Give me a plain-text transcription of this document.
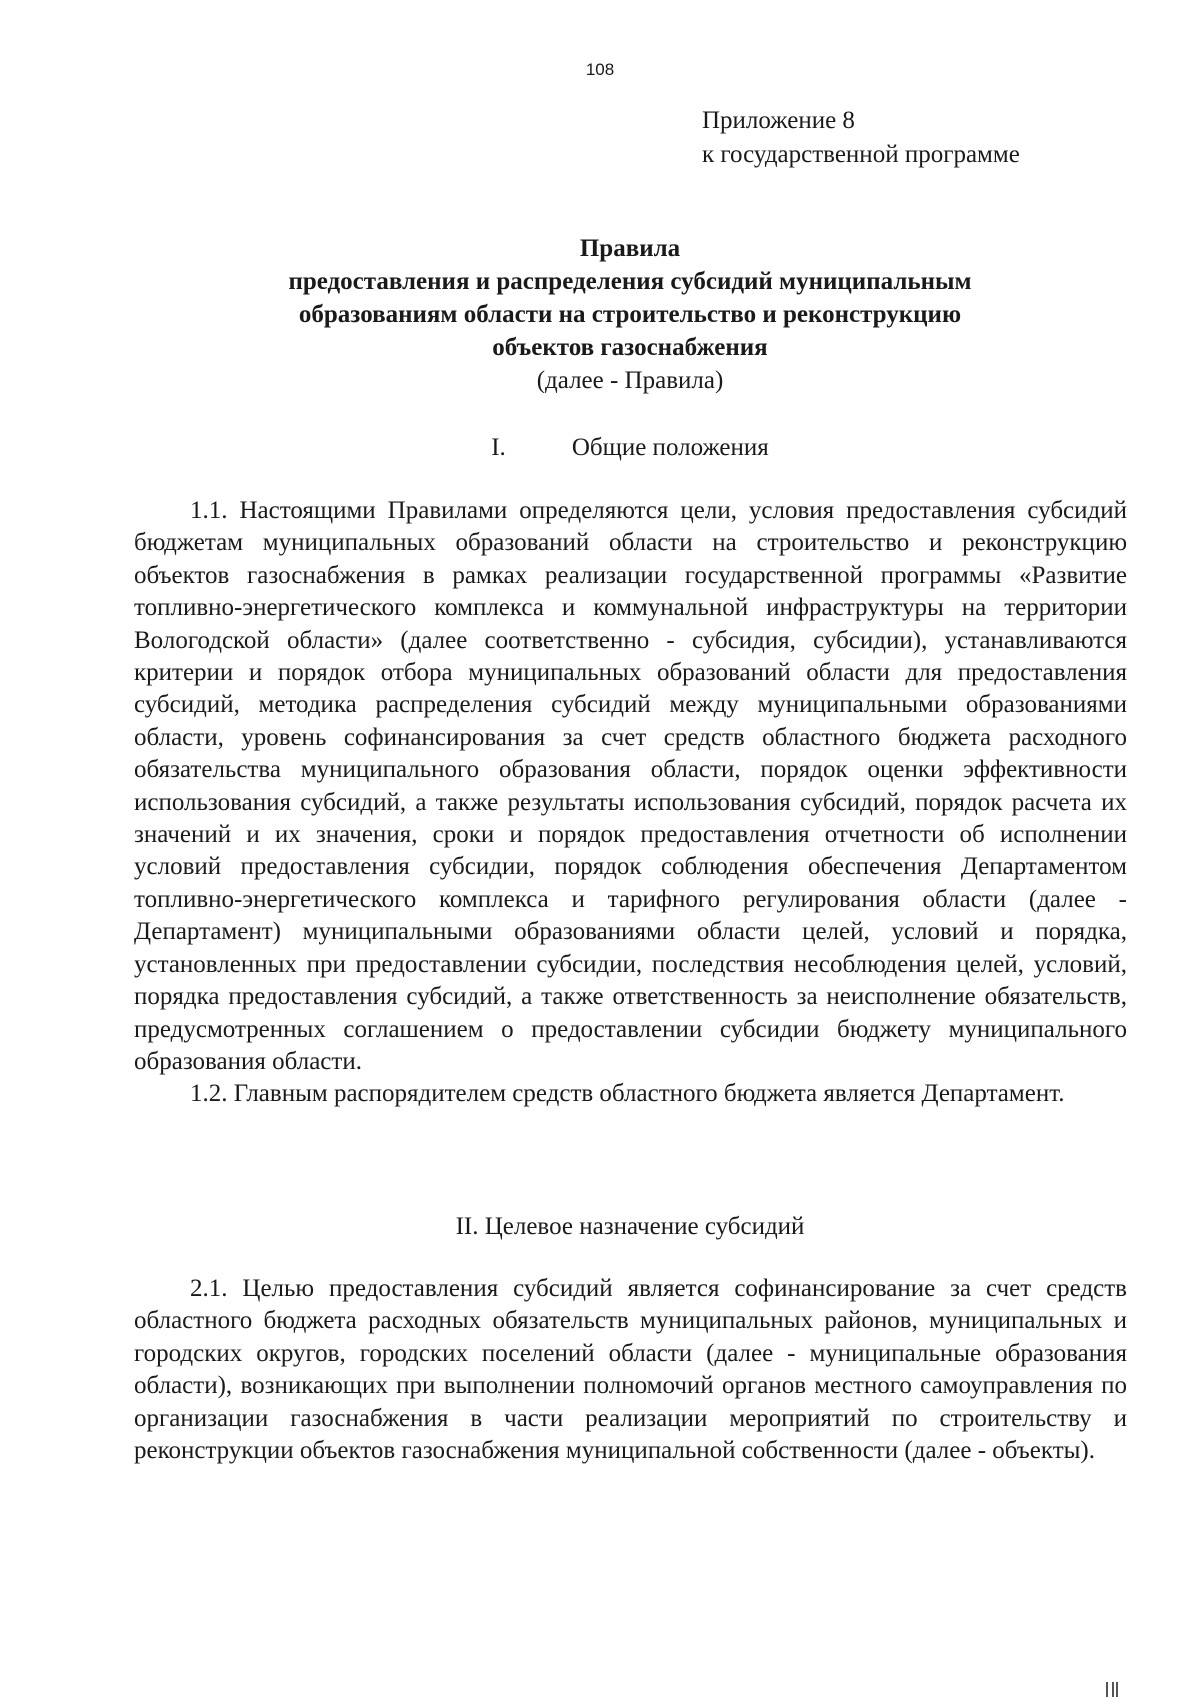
108
Приложение 8
к государственной программе
Правила
предоставления и распределения субсидий муниципальным
образованиям области на строительство и реконструкцию
объектов газоснабжения
(далее - Правила)
I.	Общие положения

1.1. Настоящими Правилами определяются цели, условия предоставления субсидий бюджетам муниципальных образований области на строительство и реконструкцию объектов газоснабжения в рамках реализации государственной программы «Развитие топливно-энергетического комплекса и коммунальной инфраструктуры на территории Вологодской области» (далее соответственно - субсидия, субсидии), устанавливаются критерии и порядок отбора муниципальных образований области для предоставления субсидий, методика распределения субсидий между муниципальными образованиями области, уровень софинансирования за счет средств областного бюджета расходного обязательства муниципального образования области, порядок оценки эффективности использования субсидий, а также результаты использования субсидий, порядок расчета их значений и их значения, сроки и порядок предоставления отчетности об исполнении условий предоставления субсидии, порядок соблюдения обеспечения Департаментом топливно-энергетического комплекса и тарифного регулирования области (далее - Департамент) муниципальными образованиями области целей, условий и порядка, установленных при предоставлении субсидии, последствия несоблюдения целей, условий, порядка предоставления субсидий, а также ответственность за неисполнение обязательств, предусмотренных соглашением о предоставлении субсидии бюджету муниципального образования области.

1.2. Главным распорядителем средств областного бюджета является Департамент.

II. Целевое назначение субсидий

2.1. Целью предоставления субсидий является софинансирование за счет средств областного бюджета расходных обязательств муниципальных районов, муниципальных и городских округов, городских поселений области (далее - муниципальные образования области), возникающих при выполнении полномочий органов местного самоуправления по организации газоснабжения в части реализации мероприятий по строительству и реконструкции объектов газоснабжения муниципальной собственности (далее - объекты).
